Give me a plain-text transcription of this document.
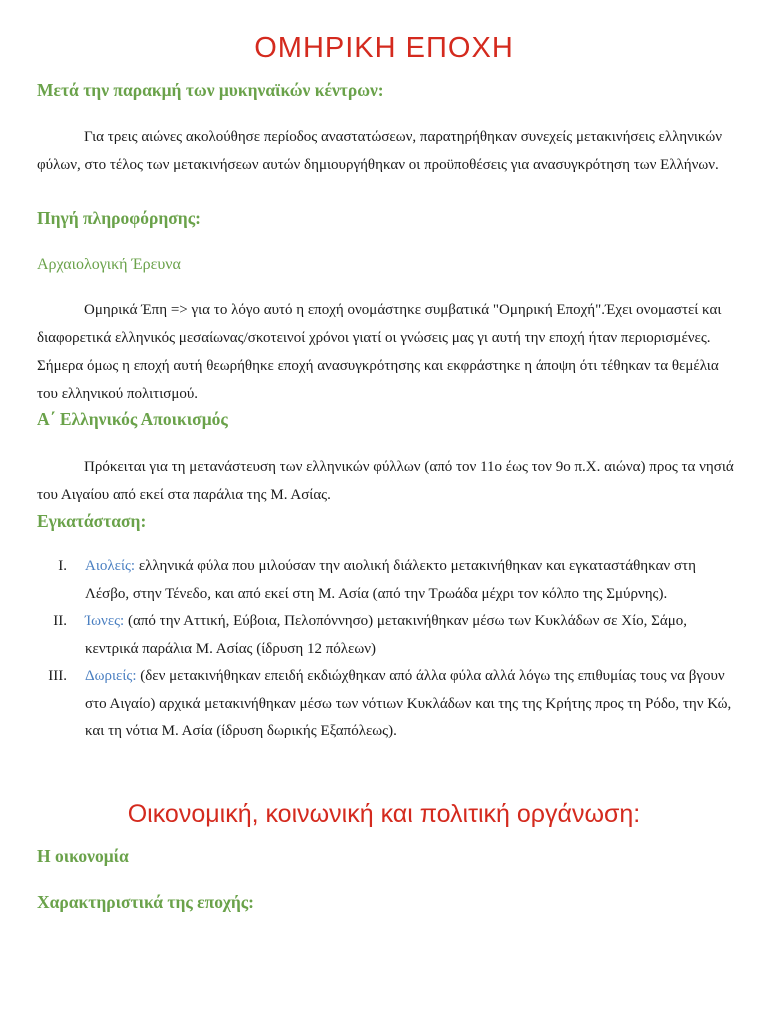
ΟΜΗΡΙΚΗ ΕΠΟΧΗ
Μετά την παρακμή των μυκηναϊκών κέντρων:

Για τρεις αιώνες ακολούθησε περίοδος αναστατώσεων, παρατηρήθηκαν συνεχείς μετακινήσεις ελληνικών φύλων, στο τέλος των μετακινήσεων αυτών δημιουργήθηκαν οι προϋποθέσεις για ανασυγκρότηση των Ελλήνων.

Πηγή πληροφόρησης:
Αρχαιολογική Έρευνα

Ομηρικά Έπη => για το λόγο αυτό η εποχή ονομάστηκε συμβατικά "Ομηρική Εποχή".Έχει ονομαστεί και διαφορετικά ελληνικός μεσαίωνας/σκοτεινοί χρόνοι γιατί οι γνώσεις μας γι αυτή την εποχή ήταν περιορισμένες. Σήμερα όμως η εποχή αυτή θεωρήθηκε εποχή ανασυγκρότησης και εκφράστηκε η άποψη ότι τέθηκαν τα θεμέλια του ελληνικού πολιτισμού.

Α΄ Ελληνικός Αποικισμός

Πρόκειται για τη μετανάστευση των ελληνικών φύλλων (από τον 11ο έως τον 9ο π.Χ. αιώνα) προς τα νησιά του Αιγαίου από εκεί στα παράλια της Μ. Ασίας.

Εγκατάσταση:
I. Αιολείς: ελληνικά φύλα που μιλούσαν την αιολική διάλεκτο μετακινήθηκαν και εγκαταστάθηκαν στη Λέσβο, στην Τένεδο, και από εκεί στη Μ. Ασία (από την Τρωάδα μέχρι τον κόλπο της Σμύρνης).
II. Ίωνες: (από την Αττική, Εύβοια, Πελοπόννησο) μετακινήθηκαν μέσω των Κυκλάδων σε Χίο, Σάμο, κεντρικά παράλια Μ. Ασίας (ίδρυση 12 πόλεων)
III. Δωριείς: (δεν μετακινήθηκαν επειδή εκδιώχθηκαν από άλλα φύλα αλλά λόγω της επιθυμίας τους να βγουν στο Αιγαίο) αρχικά μετακινήθηκαν μέσω των νότιων Κυκλάδων και της της Κρήτης προς τη Ρόδο, την Κώ, και τη νότια Μ. Ασία (ίδρυση δωρικής Εξαπόλεως).
Οικονομική, κοινωνική και πολιτική οργάνωση:
Η οικονομία
Χαρακτηριστικά της εποχής:
